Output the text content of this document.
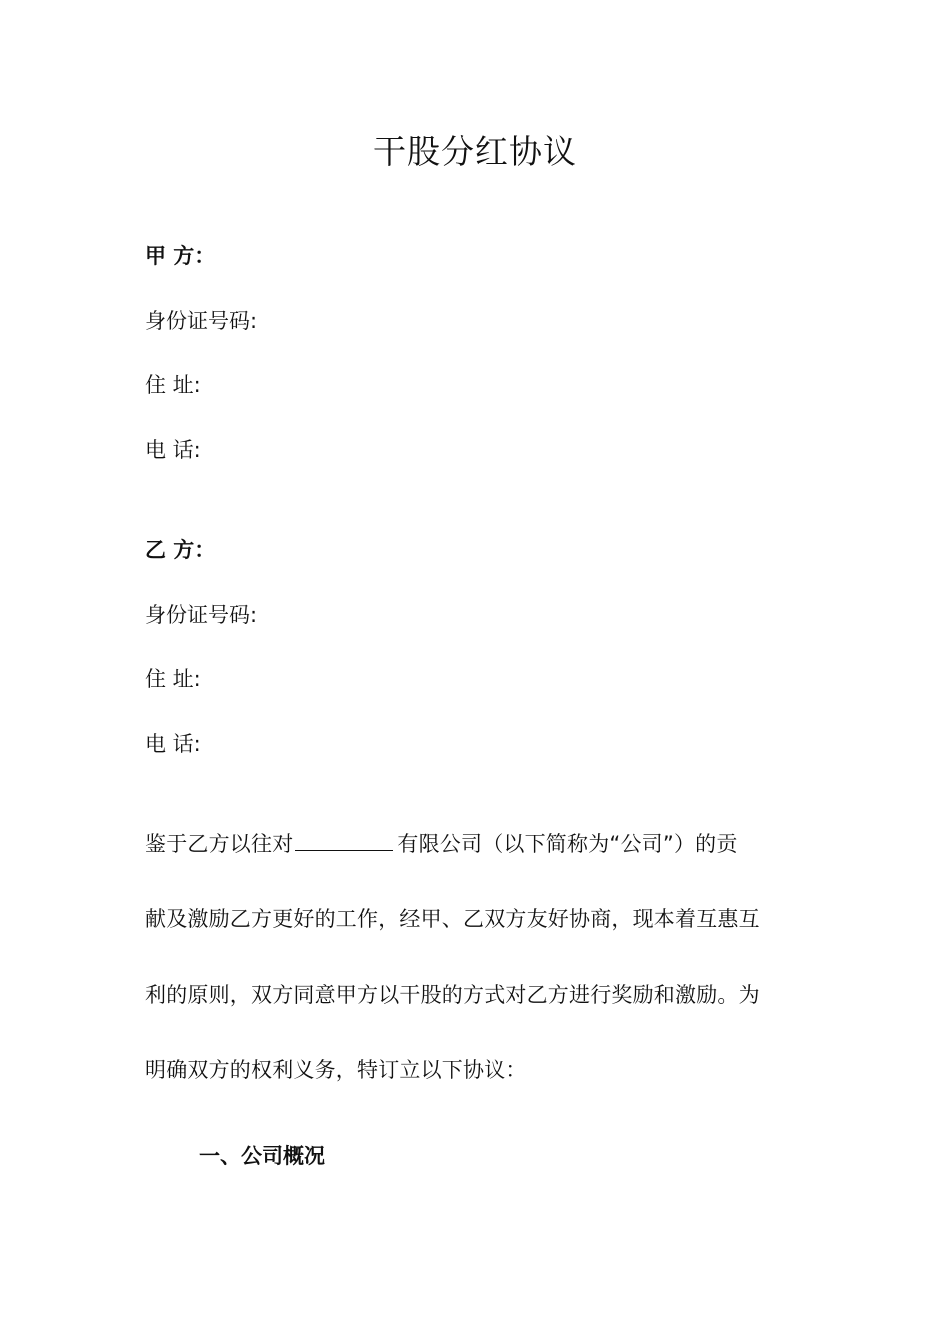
干股分红协议
甲 方：
身份证号码:
住 址:
电 话:
乙 方：
身份证号码:
住 址:
电 话:
鉴于乙方以往对	有限公司（以下简称为“公司”）的贡
献及激励乙方更好的工作，经甲、乙双方友好协商，现本着互惠互
利的原则，双方同意甲方以干股的方式对乙方进行奖励和激励。为
明确双方的权利义务，特订立以下协议：
一、公司概况
